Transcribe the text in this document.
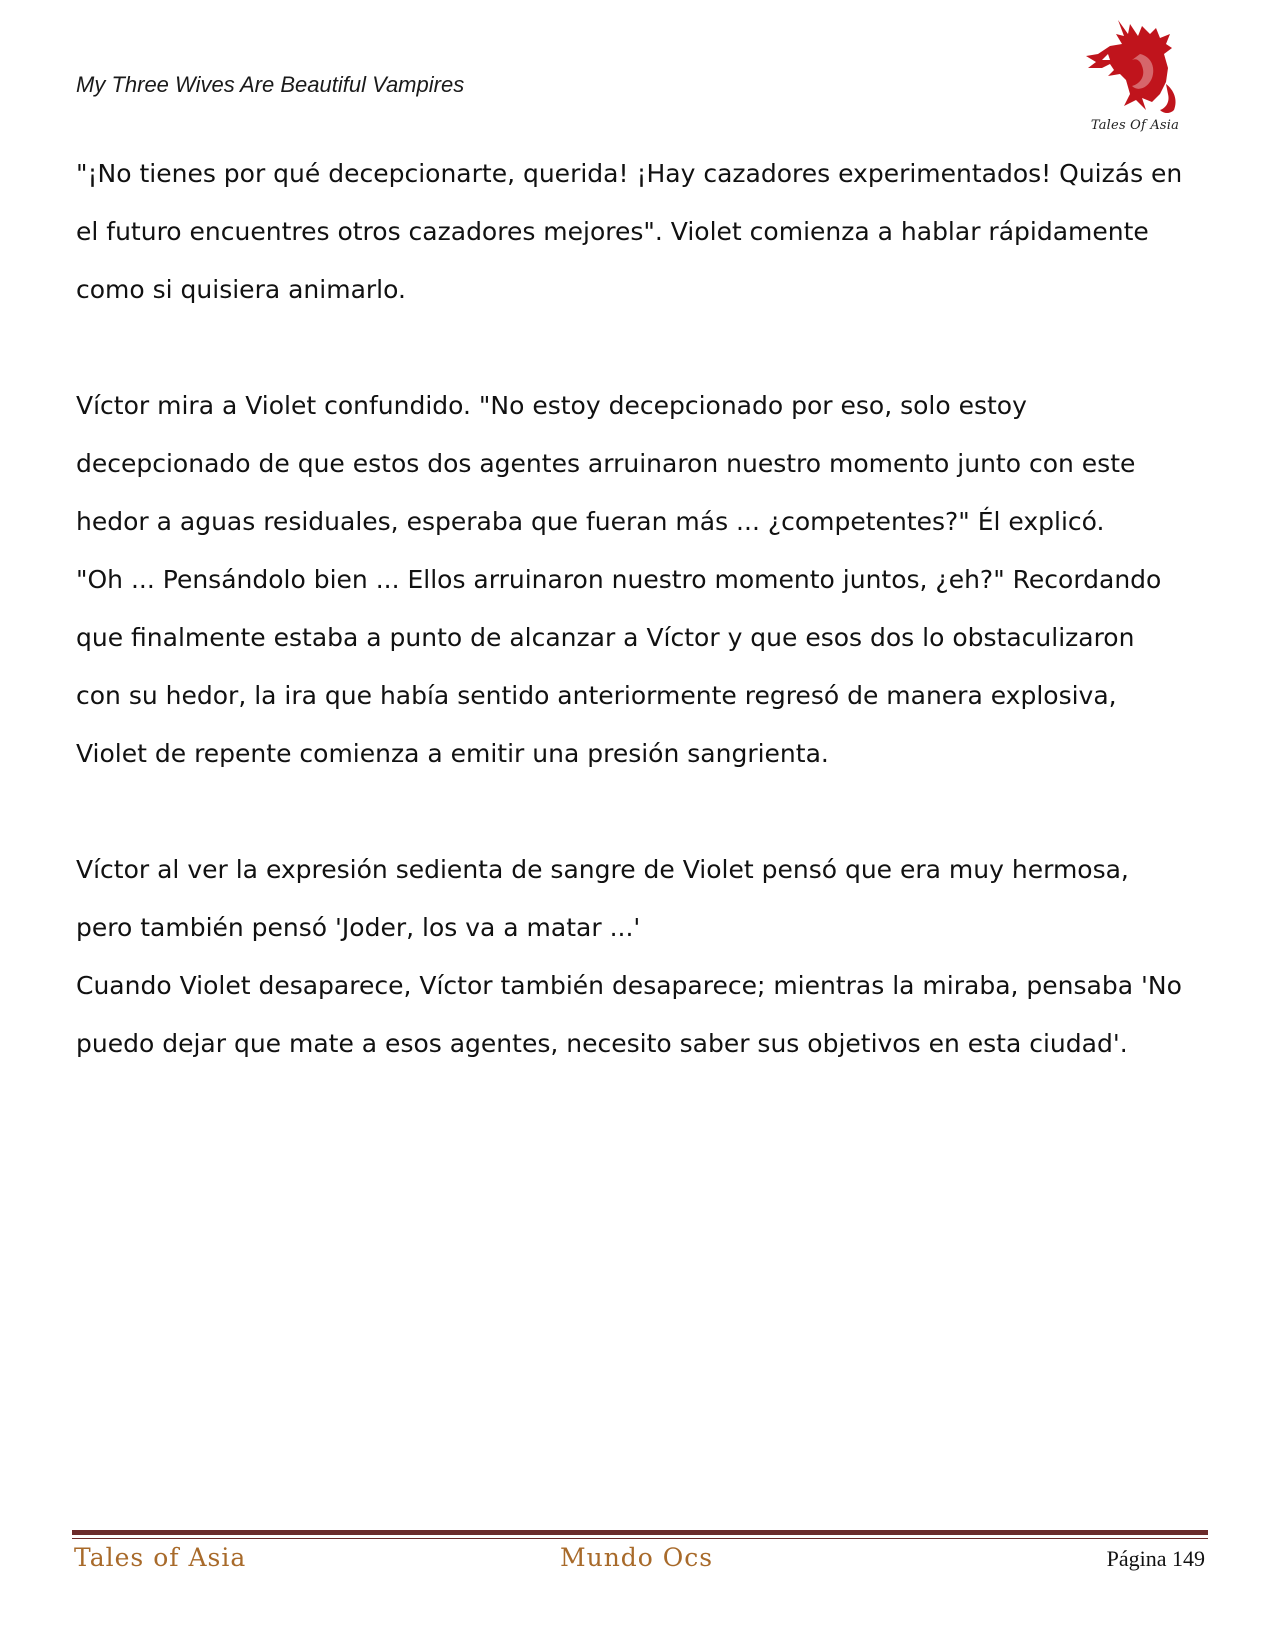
My Three Wives Are Beautiful Vampires
Tales Of Asia
"¡No tienes por qué decepcionarte, querida! ¡Hay cazadores experimentados! Quizás en
el futuro encuentres otros cazadores mejores". Violet comienza a hablar rápidamente
como si quisiera animarlo.
Víctor mira a Violet confundido. "No estoy decepcionado por eso, solo estoy
decepcionado de que estos dos agentes arruinaron nuestro momento junto con este
hedor a aguas residuales, esperaba que fueran más ... ¿competentes?" Él explicó.
"Oh ... Pensándolo bien ... Ellos arruinaron nuestro momento juntos, ¿eh?" Recordando
que finalmente estaba a punto de alcanzar a Víctor y que esos dos lo obstaculizaron
con su hedor, la ira que había sentido anteriormente regresó de manera explosiva,
Violet de repente comienza a emitir una presión sangrienta.
Víctor al ver la expresión sedienta de sangre de Violet pensó que era muy hermosa,
pero también pensó 'Joder, los va a matar ...'
Cuando Violet desaparece, Víctor también desaparece; mientras la miraba, pensaba 'No
puedo dejar que mate a esos agentes, necesito saber sus objetivos en esta ciudad'.
Tales of Asia	Mundo Ocs	Página 149
